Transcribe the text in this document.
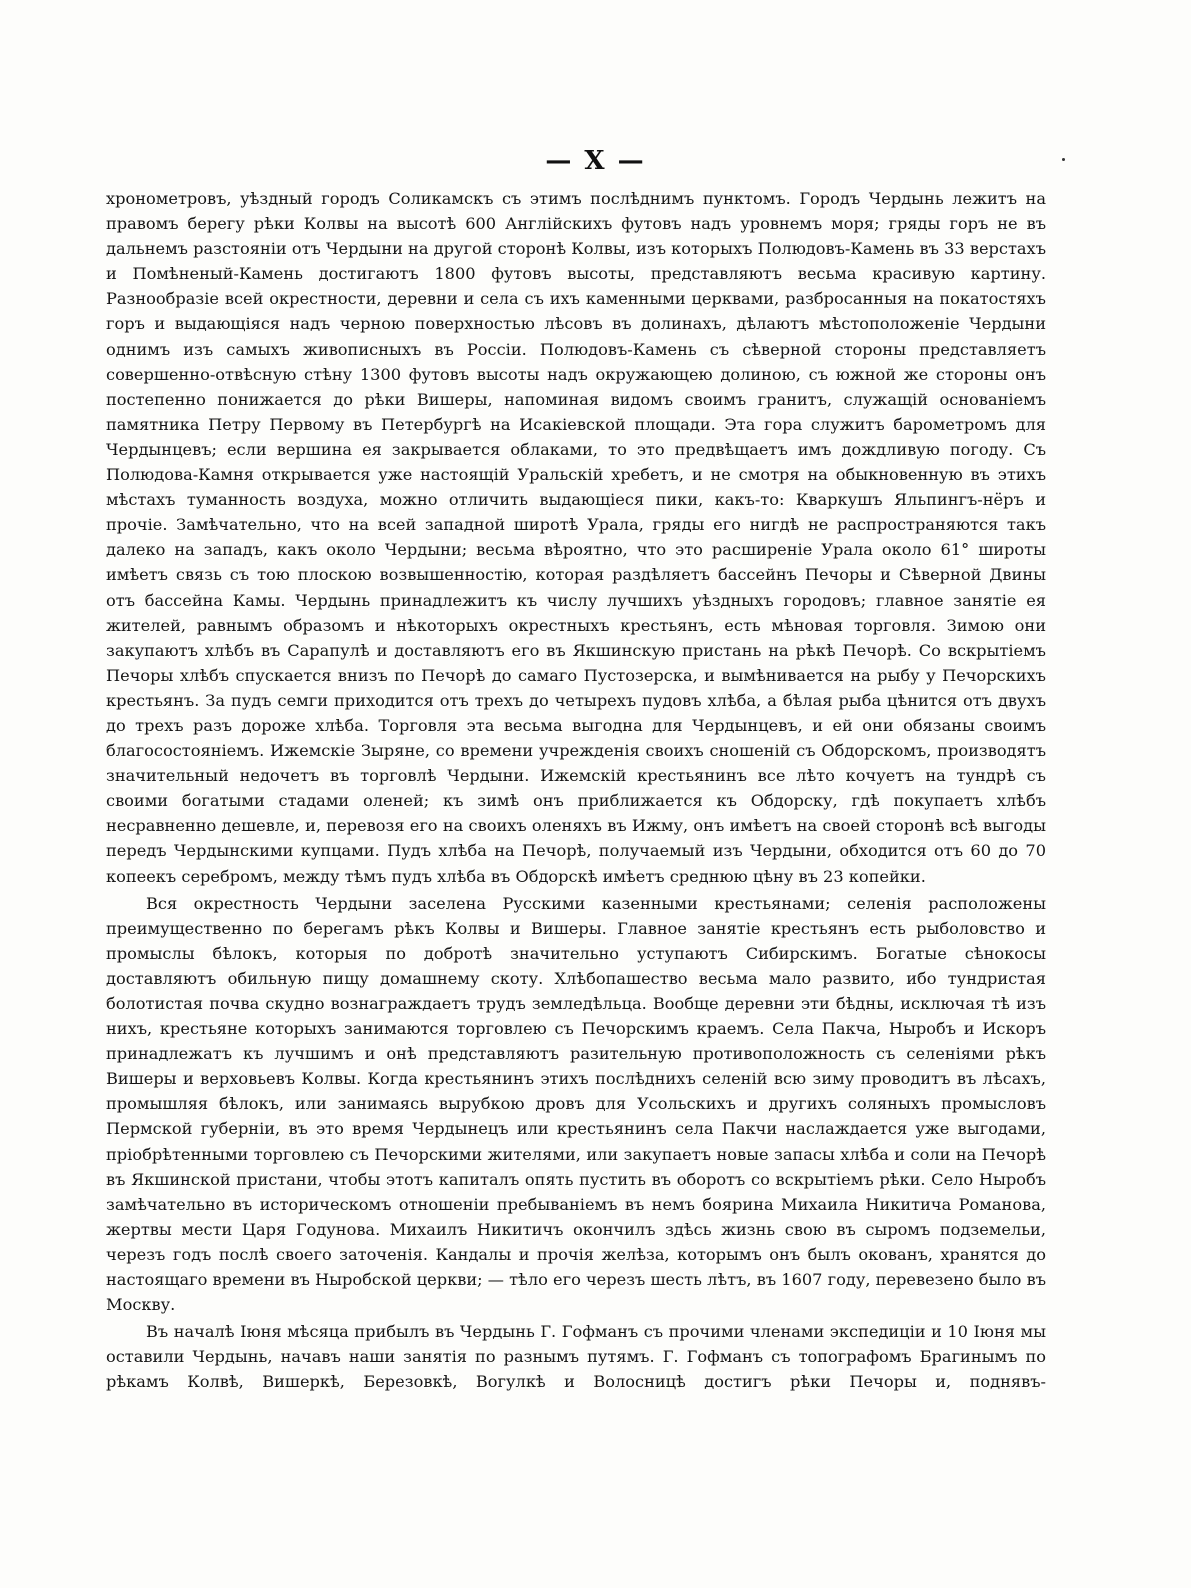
— X —

хронометровъ, уѣздный городъ Соликамскъ съ этимъ послѣднимъ пунктомъ. Городъ Чердынь лежитъ на правомъ берегу рѣки Колвы на высотѣ 600 Англійскихъ футовъ надъ уровнемъ моря; гряды горъ не въ дальнемъ разстояніи отъ Чердыни на другой сторонѣ Колвы, изъ которыхъ Полюдовъ-Камень въ 33 верстахъ и Помѣненый-Камень достигаютъ 1800 футовъ высоты, представляютъ весьма красивую картину. Разнообразіе всей окрестности, деревни и села съ ихъ каменными церквами, разбросанныя на покатостяхъ горъ и выдающіяся надъ черною поверхностью лѣсовъ въ долинахъ, дѣлаютъ мѣстоположеніе Чердыни однимъ изъ самыхъ живописныхъ въ Россіи. Полюдовъ-Камень съ сѣверной стороны представляетъ совершенно-отвѣсную стѣну 1300 футовъ высоты надъ окружающею долиною, съ южной же стороны онъ постепенно понижается до рѣки Вишеры, напоминая видомъ своимъ гранитъ, служащій основаніемъ памятника Петру Первому въ Петербургѣ на Исакіевской площади. Эта гора служитъ барометромъ для Чердынцевъ; если вершина ея закрывается облаками, то это предвѣщаетъ имъ дождливую погоду. Съ Полюдова-Камня открывается уже настоящій Уральскій хребетъ, и не смотря на обыкновенную въ этихъ мѣстахъ туманность воздуха, можно отличить выдающіеся пики, какъ-то: Кваркушъ Яльпингъ-нёръ и прочіе. Замѣчательно, что на всей западной широтѣ Урала, гряды его нигдѣ не распространяются такъ далеко на западъ, какъ около Чердыни; весьма вѣроятно, что это расширеніе Урала около 61° широты имѣетъ связь съ тою плоскою возвышенностію, которая раздѣляетъ бассейнъ Печоры и Сѣверной Двины отъ бассейна Камы. Чердынь принадлежитъ къ числу лучшихъ уѣздныхъ городовъ; главное занятіе ея жителей, равнымъ образомъ и нѣкоторыхъ окрестныхъ крестьянъ, есть мѣновая торговля. Зимою они закупаютъ хлѣбъ въ Сарапулѣ и доставляютъ его въ Якшинскую пристань на рѣкѣ Печорѣ. Со вскрытіемъ Печоры хлѣбъ спускается внизъ по Печорѣ до самаго Пустозерска, и вымѣнивается на рыбу у Печорскихъ крестьянъ. За пудъ семги приходится отъ трехъ до четырехъ пудовъ хлѣба, а бѣлая рыба цѣнится отъ двухъ до трехъ разъ дороже хлѣба. Торговля эта весьма выгодна для Чердынцевъ, и ей они обязаны своимъ благосостояніемъ. Ижемскіе Зыряне, со времени учрежденія своихъ сношеній съ Обдорскомъ, производятъ значительный недочетъ въ торговлѣ Чердыни. Ижемскій крестьянинъ все лѣто кочуетъ на тундрѣ съ своими богатыми стадами оленей; къ зимѣ онъ приближается къ Обдорску, гдѣ покупаетъ хлѣбъ несравненно дешевле, и, перевозя его на своихъ оленяхъ въ Ижму, онъ имѣетъ на своей сторонѣ всѣ выгоды передъ Чердынскими купцами. Пудъ хлѣба на Печорѣ, получаемый изъ Чердыни, обходится отъ 60 до 70 копеекъ серебромъ, между тѣмъ пудъ хлѣба въ Обдорскѣ имѣетъ среднюю цѣну въ 23 копейки.

Вся окрестность Чердыни заселена Русскими казенными крестьянами; селенія расположены преимущественно по берегамъ рѣкъ Колвы и Вишеры. Главное занятіе крестьянъ есть рыболовство и промыслы бѣлокъ, которыя по добротѣ значительно уступаютъ Сибирскимъ. Богатые сѣнокосы доставляютъ обильную пищу домашнему скоту. Хлѣбопашество весьма мало развито, ибо тундристая болотистая почва скудно вознаграждаетъ трудъ земледѣльца. Вообще деревни эти бѣдны, исключая тѣ изъ нихъ, крестьяне которыхъ занимаются торговлею съ Печорскимъ краемъ. Села Пакча, Ныробъ и Искоръ принадлежатъ къ лучшимъ и онѣ представляютъ разительную противоположность съ селеніями рѣкъ Вишеры и верховьевъ Колвы. Когда крестьянинъ этихъ послѣднихъ селеній всю зиму проводитъ въ лѣсахъ, промышляя бѣлокъ, или занимаясь вырубкою дровъ для Усольскихъ и другихъ соляныхъ промысловъ Пермской губерніи, въ это время Чердынецъ или крестьянинъ села Пакчи наслаждается уже выгодами, пріобрѣтенными торговлею съ Печорскими жителями, или закупаетъ новые запасы хлѣба и соли на Печорѣ въ Якшинской пристани, чтобы этотъ капиталъ опять пустить въ оборотъ со вскрытіемъ рѣки. Село Ныробъ замѣчательно въ историческомъ отношеніи пребываніемъ въ немъ боярина Михаила Никитича Романова, жертвы мести Царя Годунова. Михаилъ Никитичъ окончилъ здѣсь жизнь свою въ сыромъ подземельи, черезъ годъ послѣ своего заточенія. Кандалы и прочія желѣза, которымъ онъ былъ окованъ, хранятся до настоящаго времени въ Ныробской церкви; — тѣло его черезъ шесть лѣтъ, въ 1607 году, перевезено было въ Москву.

Въ началѣ Іюня мѣсяца прибылъ въ Чердынь Г. Гофманъ съ прочими членами экспедиціи и 10 Іюня мы оставили Чердынь, начавъ наши занятія по разнымъ путямъ. Г. Гофманъ съ топографомъ Брагинымъ по рѣкамъ Колвѣ, Вишеркѣ, Березовкѣ, Вогулкѣ и Волосницѣ достигъ рѣки Печоры и, поднявъ-
